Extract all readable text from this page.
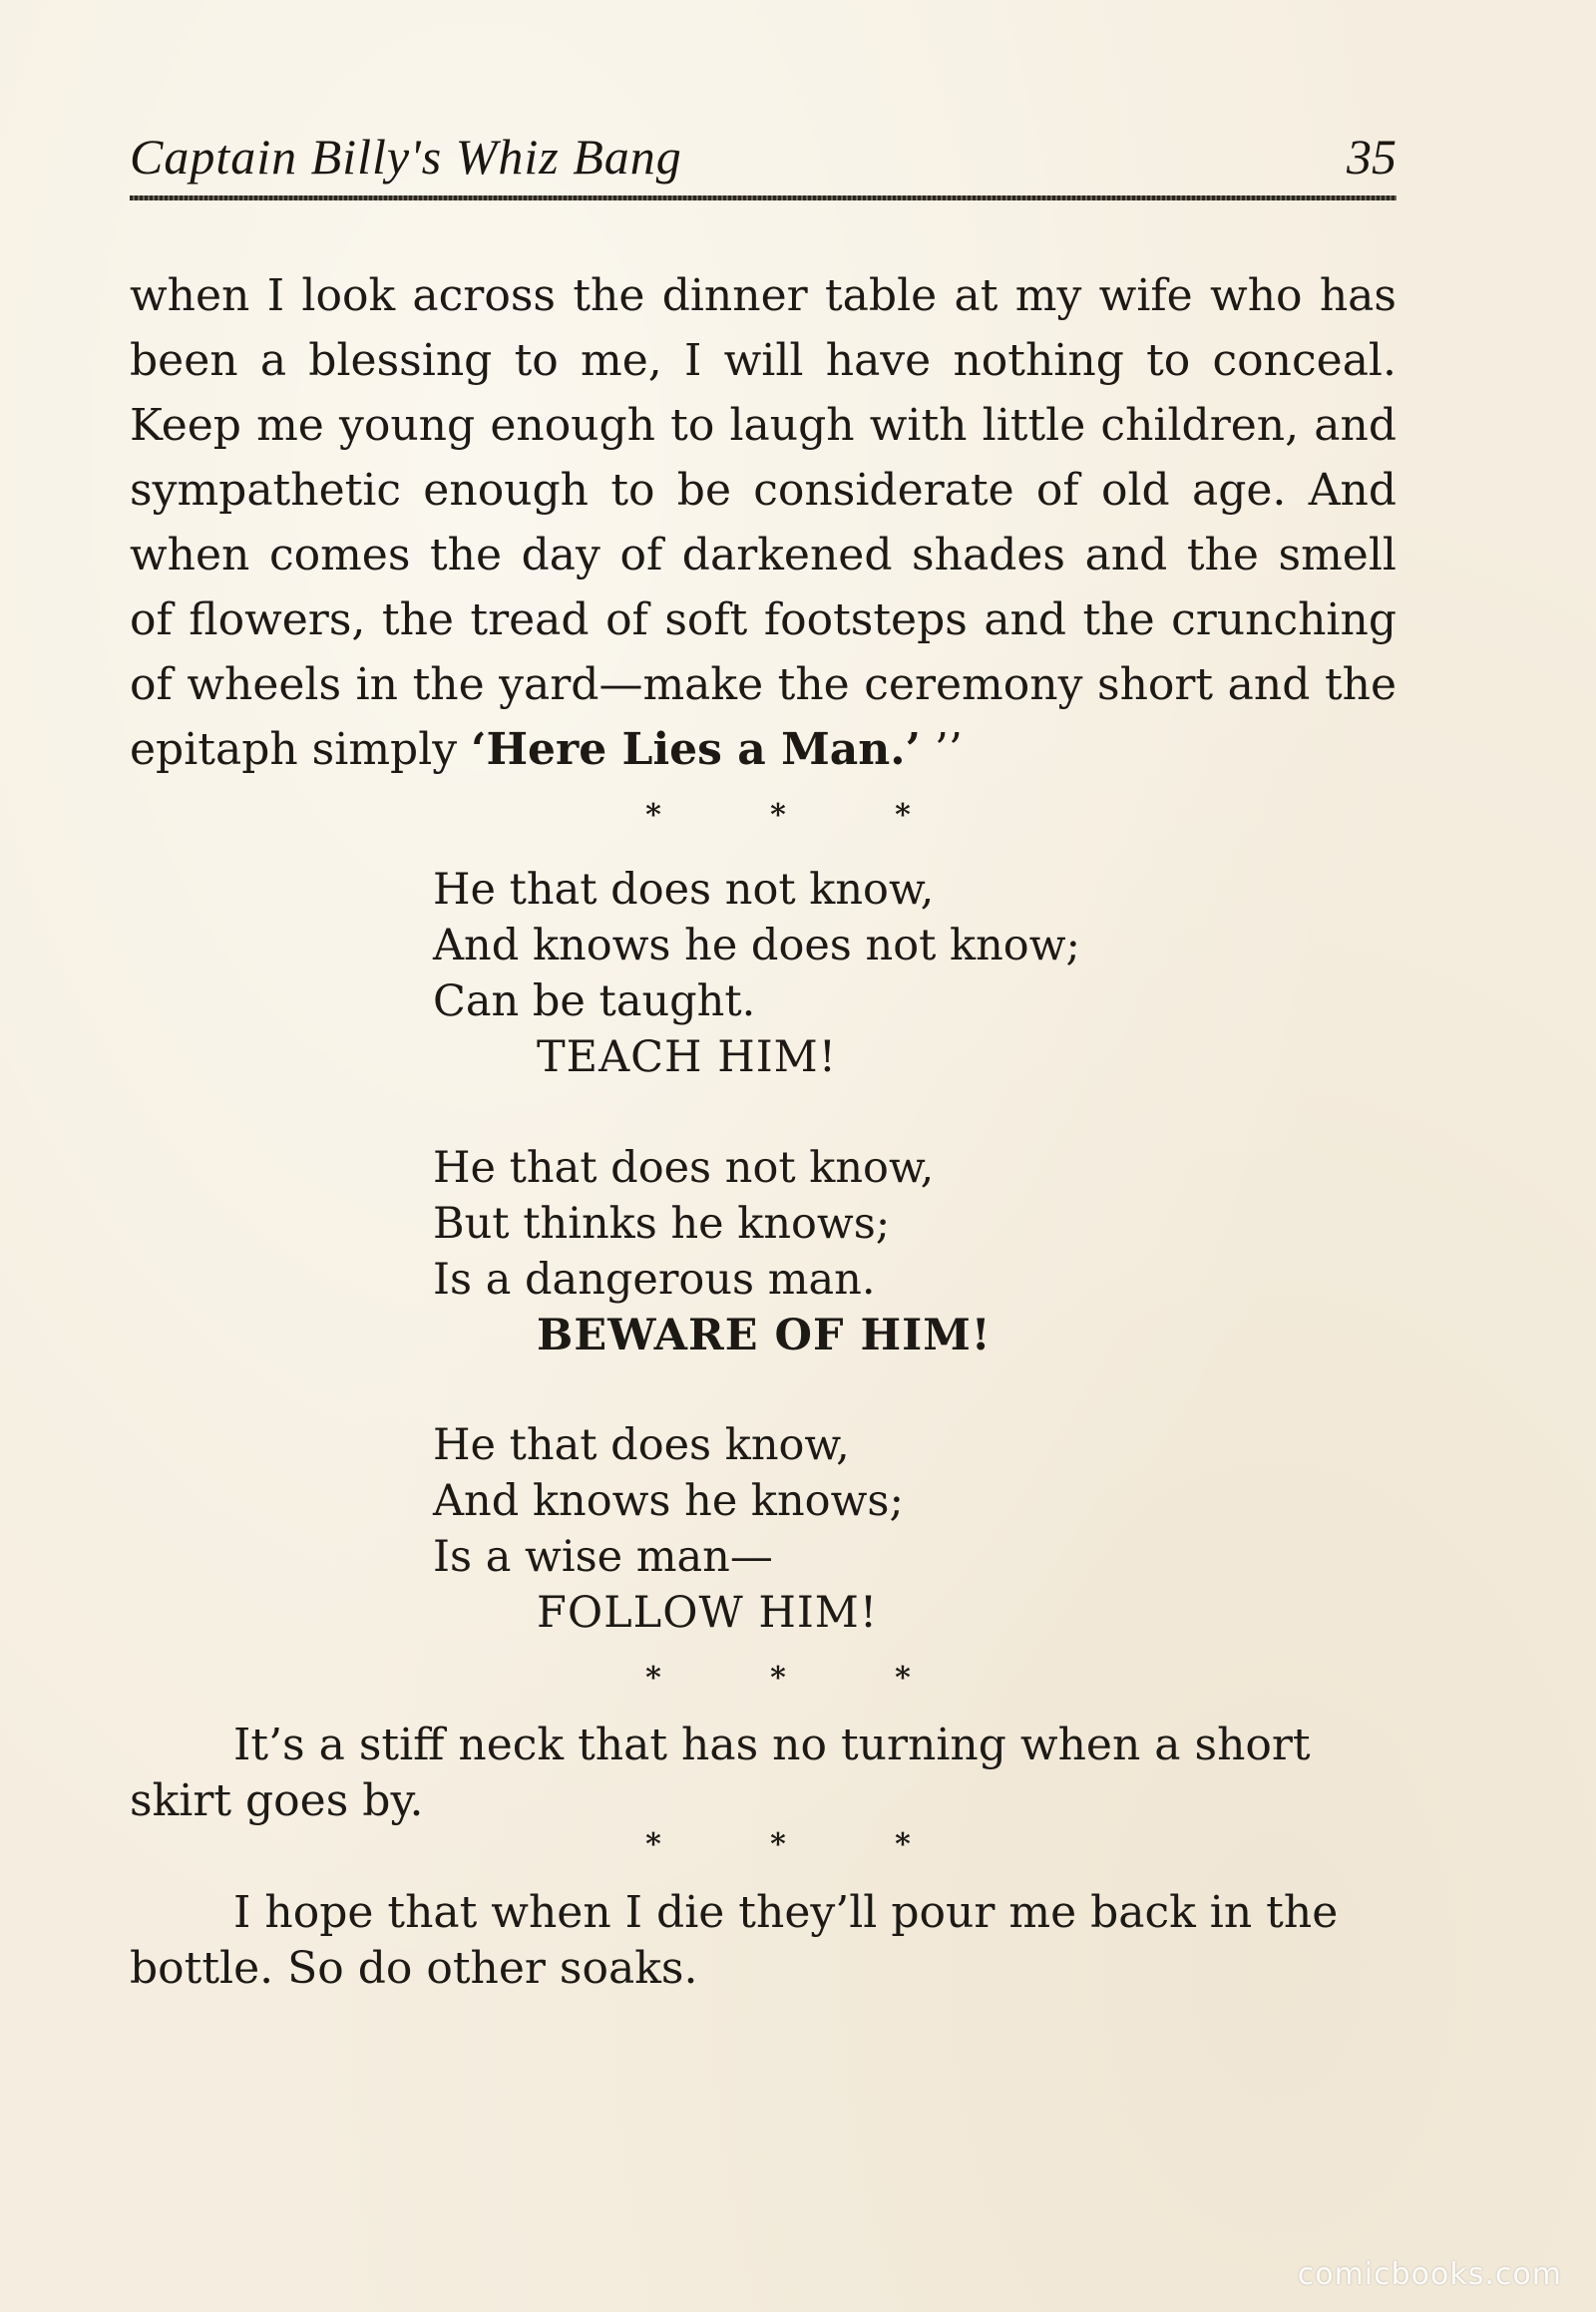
Captain Billy's Whiz Bang	35

when I look across the dinner table at my wife who has been a blessing to me, I will have nothing to conceal. Keep me young enough to laugh with little children, and sympathetic enough to be considerate of old age. And when comes the day of darkened shades and the smell of flowers, the tread of soft footsteps and the crunching of wheels in the yard—make the ceremony short and the epitaph simply ‘Here Lies a Man.’ ’’

*	*	*
He that does not know,
And knows he does not know;
Can be taught.
TEACH HIM!
He that does not know,
But thinks he knows;
Is a dangerous man.
BEWARE OF HIM!
He that does know,
And knows he knows;
Is a wise man—
FOLLOW HIM!
*	*	*

It’s a stiff neck that has no turning when a short skirt goes by.

*	*	*

I hope that when I die they’ll pour me back in the bottle. So do other soaks.

comicbooks.com
